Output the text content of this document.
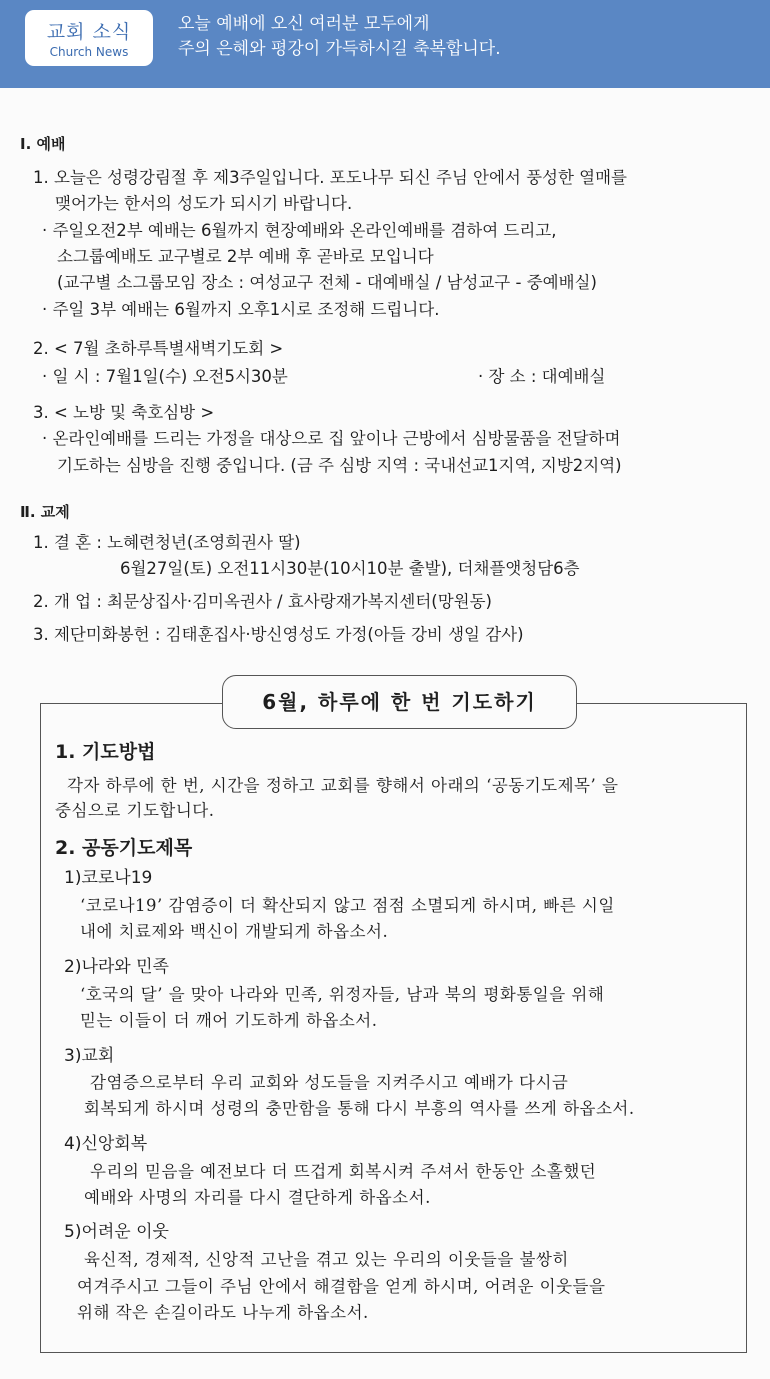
교회 소식
Church News
오늘 예배에 오신 여러분 모두에게
주의 은혜와 평강이 가득하시길 축복합니다.
Ⅰ. 예배
1. 오늘은 성령강림절 후 제3주일입니다. 포도나무 되신 주님 안에서 풍성한 열매를
맺어가는 한서의 성도가 되시기 바랍니다.
· 주일오전2부 예배는 6월까지 현장예배와 온라인예배를 겸하여 드리고,
소그룹예배도 교구별로 2부 예배 후 곧바로 모입니다
(교구별 소그룹모임 장소 : 여성교구 전체 - 대예배실 / 남성교구 - 중예배실)
· 주일 3부 예배는 6월까지 오후1시로 조정해 드립니다.
2. < 7월 초하루특별새벽기도회 >
· 일 시 : 7월1일(수) 오전5시30분	· 장 소 : 대예배실
3. < 노방 및 축호심방 >
· 온라인예배를 드리는 가정을 대상으로 집 앞이나 근방에서 심방물품을 전달하며
기도하는 심방을 진행 중입니다. (금 주 심방 지역 : 국내선교1지역, 지방2지역)
Ⅱ. 교제
1. 결 혼 : 노혜련청년(조영희권사 딸)
6월27일(토) 오전11시30분(10시10분 출발), 더채플앳청담6층
2. 개 업 : 최문상집사·김미옥권사 / 효사랑재가복지센터(망원동)
3. 제단미화봉헌 : 김태훈집사·방신영성도 가정(아들 강비 생일 감사)
6월, 하루에 한 번 기도하기
1. 기도방법
각자 하루에 한 번, 시간을 정하고 교회를 향해서 아래의 ‘공동기도제목’ 을
중심으로 기도합니다.
2. 공동기도제목
1)코로나19
‘코로나19’ 감염증이 더 확산되지 않고 점점 소멸되게 하시며, 빠른 시일
내에 치료제와 백신이 개발되게 하옵소서.
2)나라와 민족
‘호국의 달’ 을 맞아 나라와 민족, 위정자들, 남과 북의 평화통일을 위해
믿는 이들이 더 깨어 기도하게 하옵소서.
3)교회
감염증으로부터 우리 교회와 성도들을 지켜주시고 예배가 다시금
회복되게 하시며 성령의 충만함을 통해 다시 부흥의 역사를 쓰게 하옵소서.
4)신앙회복
우리의 믿음을 예전보다 더 뜨겁게 회복시켜 주셔서 한동안 소홀했던
예배와 사명의 자리를 다시 결단하게 하옵소서.
5)어려운 이웃
육신적, 경제적, 신앙적 고난을 겪고 있는 우리의 이웃들을 불쌍히
여겨주시고 그들이 주님 안에서 해결함을 얻게 하시며, 어려운 이웃들을
위해 작은 손길이라도 나누게 하옵소서.
